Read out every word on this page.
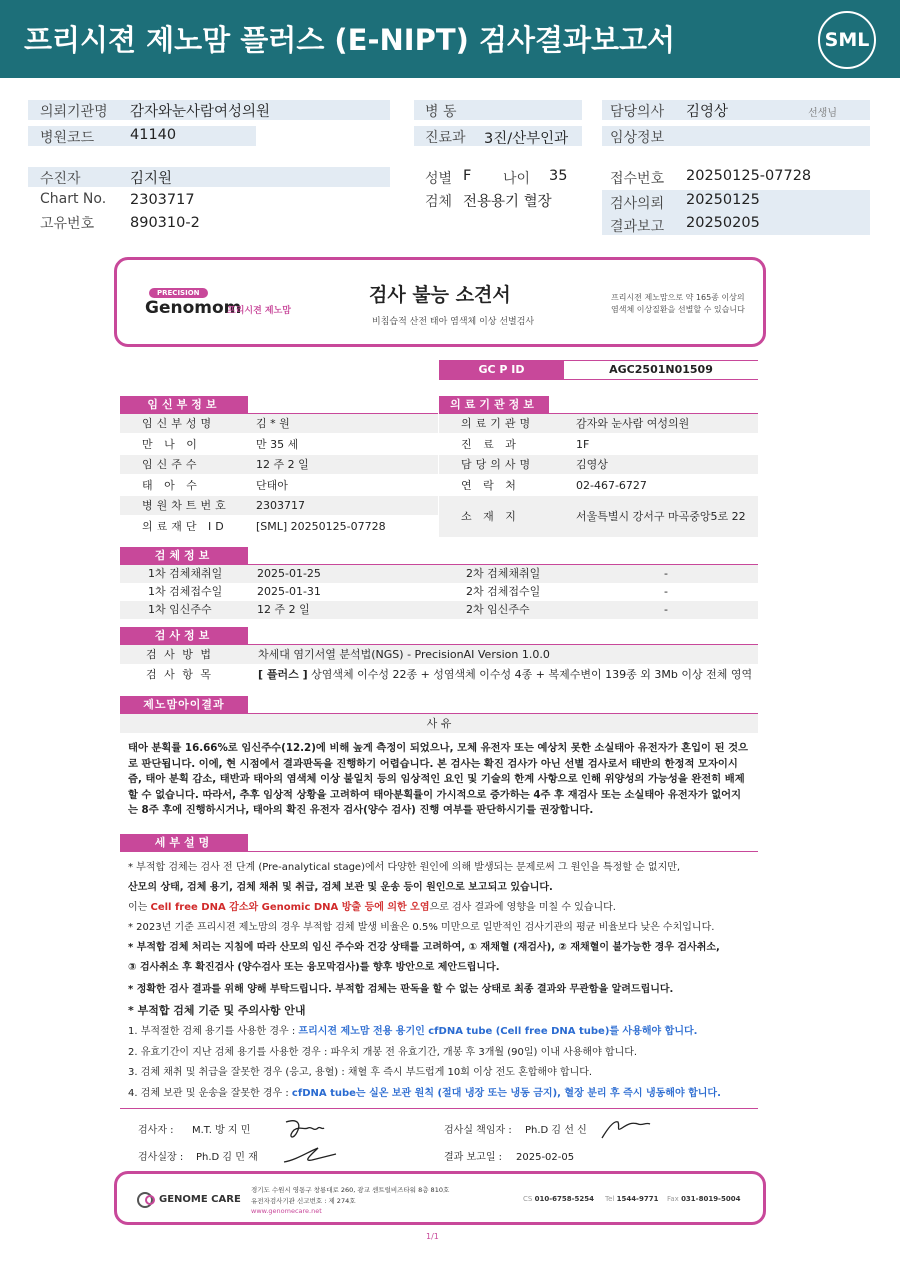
프리시젼 제노맘 플러스 (E-NIPT) 검사결과보고서	SML
의뢰기관명 감자와눈사람여성의원
병원코드 41140
병 동
진료과 3진/산부인과
담당의사 김영상	선생님
임상정보
수진자	김지원
Chart No. 2303717
고유번호 890310-2
성별 F 나이 35
검체 전용용기 혈장
접수번호 20250125-07728
검사의뢰 20250125
결과보고 20250205
PRECISION
Genomom
프리시젼 제노맘
검사 불능 소견서
비침습적 산전 태아 염색체 이상 선별검사
프리시젼 제노맘으로 약 165종 이상의
염색체 이상질환을 선별할 수 있습니다
GC P ID	AGC2501N01509
임신부정보
임신부성명	김 * 원
만 나 이	만 35 세
임신주수	12 주 2 일
태 아 수	단태아
병원차트번호 2303717
의료재단 ID	[SML] 20250125-07728
의료기관정보
의료기관명	감자와 눈사람 여성의원
진 료 과	1F
담당의사명	김영상
연 락 처	02-467-6727
소 재 지	서울특별시 강서구 마곡중앙5로 22
검체정보
1차 검체채취일	2025-01-25	2차 검체채취일	-
1차 검체접수일	2025-01-31	2차 검체접수일	-
1차 임신주수	12 주 2 일	2차 임신주수	-
검사정보
검 사 방 법	차세대 염기서열 분석법(NGS) - PrecisionAI Version 1.0.0
검 사 항 목	[ 플러스 ] 상염색체 이수성 22종 + 성염색체 이수성 4종 + 복제수변이 139종 외 3Mb 이상 전체 영역
제노맘아이결과
사 유
태아 분획률 16.66%로 임신주수(12.2)에 비해 높게 측정이 되었으나, 모체 유전자 또는 예상치 못한 소실태아 유전자가 혼입이 된 것으
로 판단됩니다. 이에, 현 시점에서 결과판독을 진행하기 어렵습니다. 본 검사는 확진 검사가 아닌 선별 검사로서 태반의 한정적 모자이시
즘, 태아 분획 감소, 태반과 태아의 염색체 이상 불일치 등의 임상적인 요인 및 기술의 한계 사항으로 인해 위양성의 가능성을 완전히 배제
할 수 없습니다. 따라서, 추후 임상적 상황을 고려하여 태아분획률이 가시적으로 증가하는 4주 후 재검사 또는 소실태아 유전자가 없어지
는 8주 후에 진행하시거나, 태아의 확진 유전자 검사(양수 검사) 진행 여부를 판단하시기를 권장합니다.
세부설명
* 부적합 검체는 검사 전 단계 (Pre-analytical stage)에서 다양한 원인에 의해 발생되는 문제로써 그 원인을 특정할 순 없지만,
산모의 상태, 검체 용기, 검체 채취 및 취급, 검체 보관 및 운송 등이 원인으로 보고되고 있습니다.
이는 Cell free DNA 감소와 Genomic DNA 방출 등에 의한 오염으로 검사 결과에 영향을 미칠 수 있습니다.
* 2023년 기준 프리시젼 제노맘의 경우 부적합 검체 발생 비율은 0.5% 미만으로 일반적인 검사기관의 평균 비율보다 낮은 수치입니다.
* 부적합 검체 처리는 지침에 따라 산모의 임신 주수와 건강 상태를 고려하여, ① 재채혈 (재검사), ② 재채혈이 불가능한 경우 검사취소,
③ 검사취소 후 확진검사 (양수검사 또는 융모막검사)를 향후 방안으로 제안드립니다.
* 정확한 검사 결과를 위해 양해 부탁드립니다. 부적합 검체는 판독을 할 수 없는 상태로 최종 결과와 무관함을 알려드립니다.
* 부적합 검체 기준 및 주의사항 안내
1. 부적절한 검체 용기를 사용한 경우 : 프리시젼 제노맘 전용 용기인 cfDNA tube (Cell free DNA tube)를 사용해야 합니다.
2. 유효기간이 지난 검체 용기를 사용한 경우 : 파우치 개봉 전 유효기간, 개봉 후 3개월 (90일) 이내 사용해야 합니다.
3. 검체 채취 및 취급을 잘못한 경우 (응고, 용혈) : 채혈 후 즉시 부드럽게 10회 이상 전도 혼합해야 합니다.
4. 검체 보관 및 운송을 잘못한 경우 : cfDNA tube는 실온 보관 원칙 (절대 냉장 또는 냉동 금지), 혈장 분리 후 즉시 냉동해야 합니다.
검사자 : M.T. 방 지 민
검사실장 : Ph.D 김 민 재
검사실 책임자 : Ph.D 김 선 신
결과 보고일 : 2025-02-05
GENOME CARE
경기도 수원시 영통구 창룡대로 260, 광교 센트럴비즈타워 8층 810호
유전자검사기관 신고번호 : 제 274호
www.genomecare.net
CS 010-6758-5254 Tel 1544-9771 Fax 031-8019-5004
1/1
